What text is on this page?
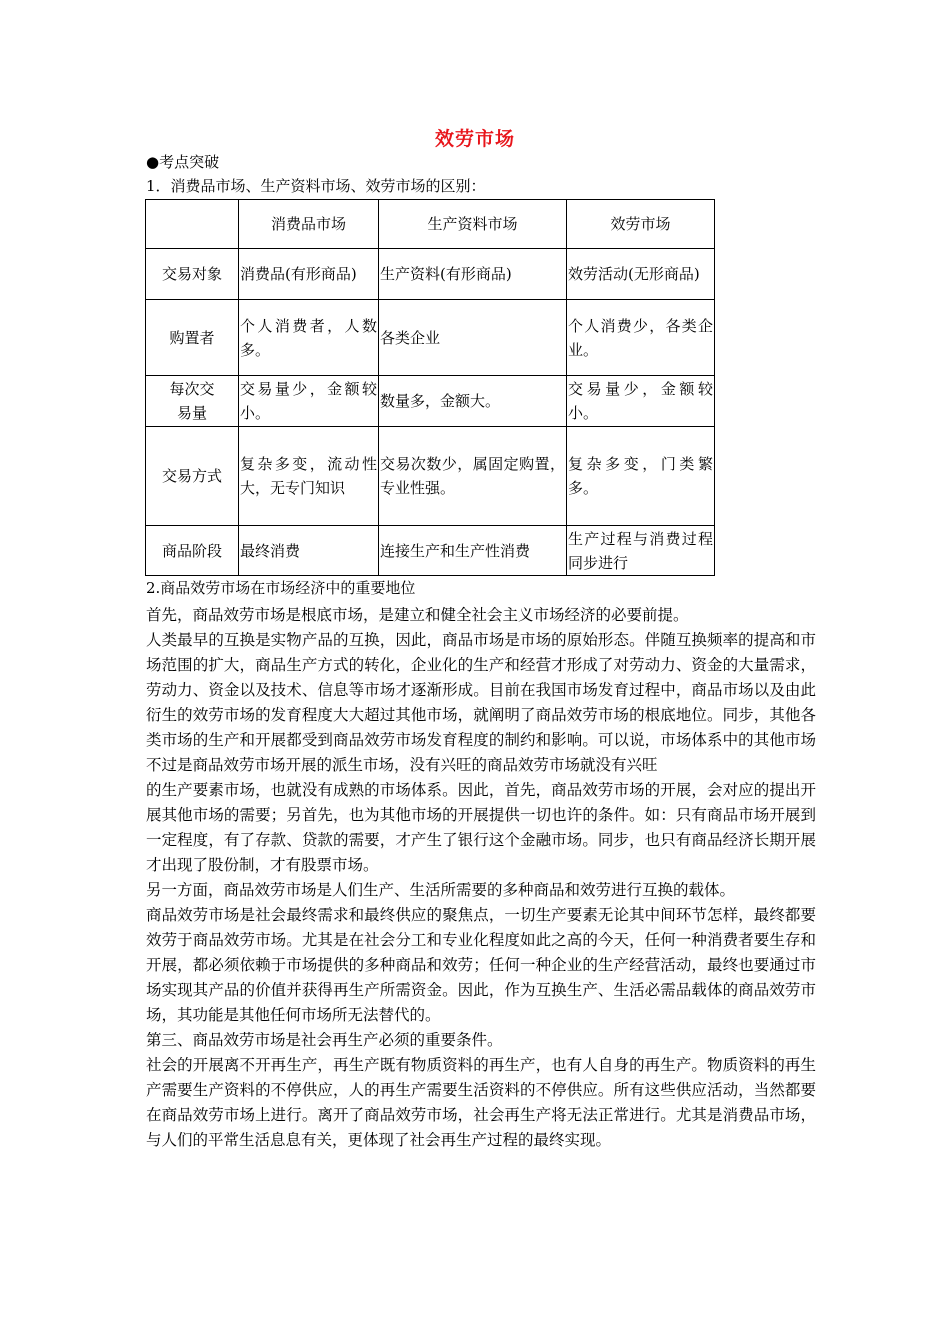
效劳市场
●考点突破
1．消费品市场、生产资料市场、效劳市场的区别：
	消费品市场	生产资料市场	效劳市场
交易对象	消费品(有形商品)	生产资料(有形商品)	效劳活动(无形商品)
购置者	个人消费者，人数多。	各类企业	个人消费少，各类企业。
每次交易量	交易量少，金额较小。	数量多，金额大。	交易量少，金额较小。
交易方式	复杂多变，流动性大，无专门知识	交易次数少，属固定购置，专业性强。	复杂多变，门类繁多。
商品阶段	最终消费	连接生产和生产性消费	生产过程与消费过程同步进行
2.商品效劳市场在市场经济中的重要地位

首先，商品效劳市场是根底市场，是建立和健全社会主义市场经济的必要前提。

人类最早的互换是实物产品的互换，因此，商品市场是市场的原始形态。伴随互换频率的提高和市场范围的扩大，商品生产方式的转化，企业化的生产和经营才形成了对劳动力、资金的大量需求，劳动力、资金以及技术、信息等市场才逐渐形成。目前在我国市场发育过程中，商品市场以及由此衍生的效劳市场的发育程度大大超过其他市场，就阐明了商品效劳市场的根底地位。同步，其他各类市场的生产和开展都受到商品效劳市场发育程度的制约和影响。可以说，市场体系中的其他市场不过是商品效劳市场开展的派生市场，没有兴旺的商品效劳市场就没有兴旺

的生产要素市场，也就没有成熟的市场体系。因此，首先，商品效劳市场的开展，会对应的提出开展其他市场的需要；另首先，也为其他市场的开展提供一切也许的条件。如：只有商品市场开展到一定程度，有了存款、贷款的需要，才产生了银行这个金融市场。同步，也只有商品经济长期开展才出现了股份制，才有股票市场。

另一方面，商品效劳市场是人们生产、生活所需要的多种商品和效劳进行互换的载体。

商品效劳市场是社会最终需求和最终供应的聚焦点，一切生产要素无论其中间环节怎样，最终都要效劳于商品效劳市场。尤其是在社会分工和专业化程度如此之高的今天，任何一种消费者要生存和开展，都必须依赖于市场提供的多种商品和效劳；任何一种企业的生产经营活动，最终也要通过市场实现其产品的价值并获得再生产所需资金。因此，作为互换生产、生活必需品载体的商品效劳市场，其功能是其他任何市场所无法替代的。

第三、商品效劳市场是社会再生产必须的重要条件。

社会的开展离不开再生产，再生产既有物质资料的再生产，也有人自身的再生产。物质资料的再生产需要生产资料的不停供应，人的再生产需要生活资料的不停供应。所有这些供应活动，当然都要在商品效劳市场上进行。离开了商品效劳市场，社会再生产将无法正常进行。尤其是消费品市场，与人们的平常生活息息有关，更体现了社会再生产过程的最终实现。
